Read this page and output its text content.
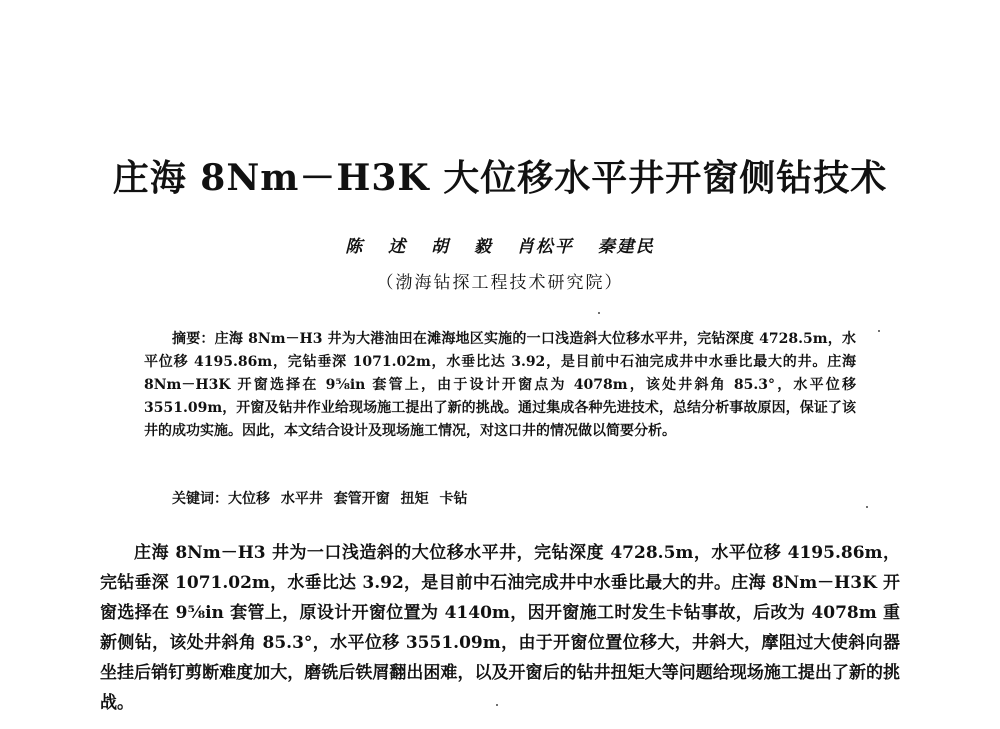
庄海 8Nm－H3K 大位移水平井开窗侧钻技术
陈 述 胡 毅 肖松平 秦建民
（渤海钻探工程技术研究院）

摘要：庄海 8Nm－H3 井为大港油田在滩海地区实施的一口浅造斜大位移水平井，完钻深度 4728.5m，水平位移 4195.86m，完钻垂深 1071.02m，水垂比达 3.92，是目前中石油完成井中水垂比最大的井。庄海 8Nm－H3K 开窗选择在 9⅝in 套管上，由于设计开窗点为 4078m，该处井斜角 85.3°，水平位移 3551.09m，开窗及钻井作业给现场施工提出了新的挑战。通过集成各种先进技术，总结分析事故原因，保证了该井的成功实施。因此，本文结合设计及现场施工情况，对这口井的情况做以简要分析。

关键词：大位移 水平井 套管开窗 扭矩 卡钻

庄海 8Nm－H3 井为一口浅造斜的大位移水平井，完钻深度 4728.5m，水平位移 4195.86m，完钻垂深 1071.02m，水垂比达 3.92，是目前中石油完成井中水垂比最大的井。庄海 8Nm－H3K 开窗选择在 9⅝in 套管上，原设计开窗位置为 4140m，因开窗施工时发生卡钻事故，后改为 4078m 重新侧钻，该处井斜角 85.3°，水平位移 3551.09m，由于开窗位置位移大，井斜大，摩阻过大使斜向器坐挂后销钉剪断难度加大，磨铣后铁屑翻出困难，以及开窗后的钻井扭矩大等问题给现场施工提出了新的挑战。
